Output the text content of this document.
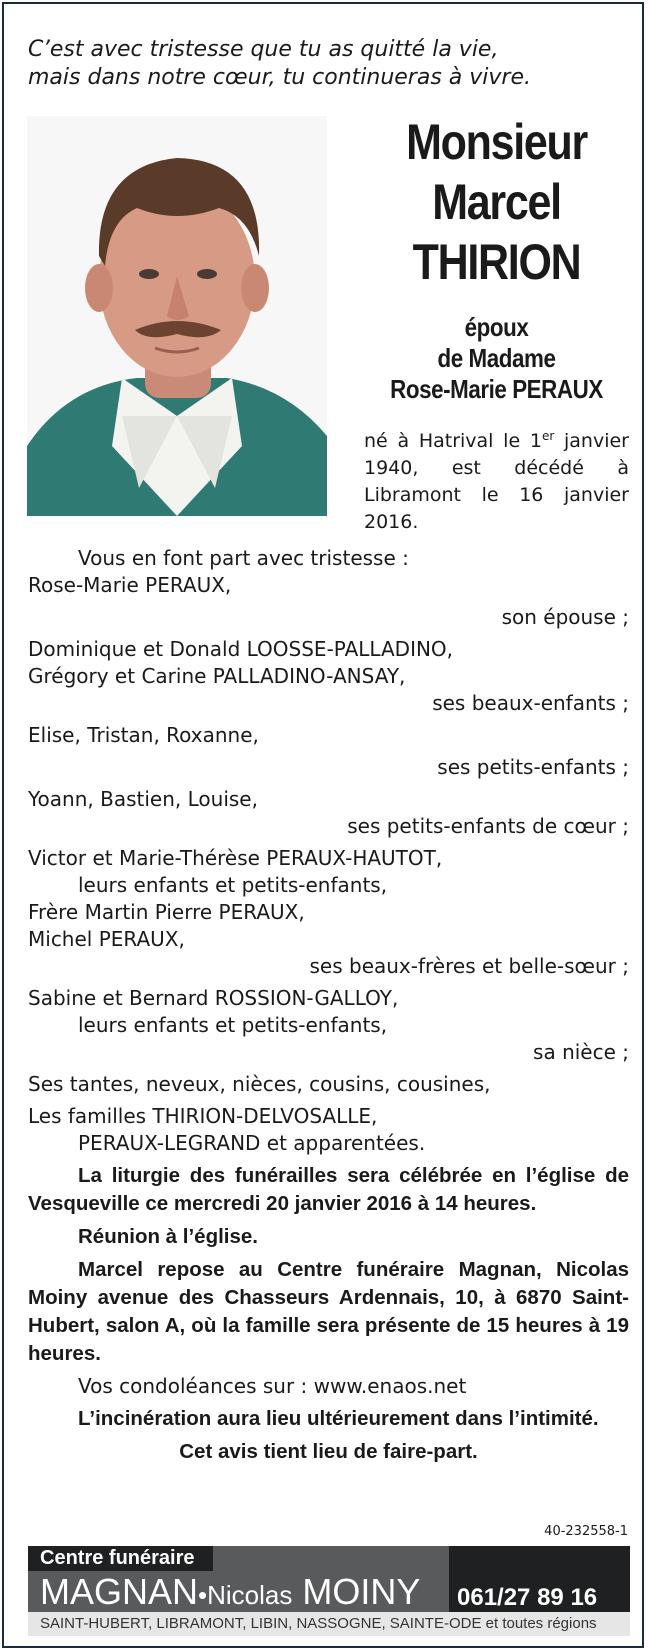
C’est avec tristesse que tu as quitté la vie,
mais dans notre cœur, tu continueras à vivre.
Monsieur
Marcel
THIRION
époux
de Madame
Rose-Marie PERAUX
né à Hatrival le 1er janvier 1940, est décédé à Libramont le 16 janvier 2016.
Vous en font part avec tristesse :
Rose-Marie PERAUX,
son épouse ;
Dominique et Donald LOOSSE-PALLADINO,
Grégory et Carine PALLADINO-ANSAY,
ses beaux-enfants ;
Elise, Tristan, Roxanne,
ses petits-enfants ;
Yoann, Bastien, Louise,
ses petits-enfants de cœur ;
Victor et Marie-Thérèse PERAUX-HAUTOT,
leurs enfants et petits-enfants,
Frère Martin Pierre PERAUX,
Michel PERAUX,
ses beaux-frères et belle-sœur ;
Sabine et Bernard ROSSION-GALLOY,
leurs enfants et petits-enfants,
sa nièce ;
Ses tantes, neveux, nièces, cousins, cousines,
Les familles THIRION-DELVOSALLE,
PERAUX-LEGRAND et apparentées.
La liturgie des funérailles sera célébrée en l’église de Vesqueville ce mercredi 20 janvier 2016 à 14 heures.
Réunion à l’église.
Marcel repose au Centre funéraire Magnan, Nicolas Moiny avenue des Chasseurs Ardennais, 10, à 6870 Saint-Hubert, salon A, où la famille sera présente de 15 heures à 19 heures.
Vos condoléances sur : www.enaos.net
L’incinération aura lieu ultérieurement dans l’intimité.
Cet avis tient lieu de faire-part.
40-232558-1
Centre funéraire
MAGNAN•Nicolas MOINY 061/27 89 16
SAINT-HUBERT, LIBRAMONT, LIBIN, NASSOGNE, SAINTE-ODE et toutes régions
